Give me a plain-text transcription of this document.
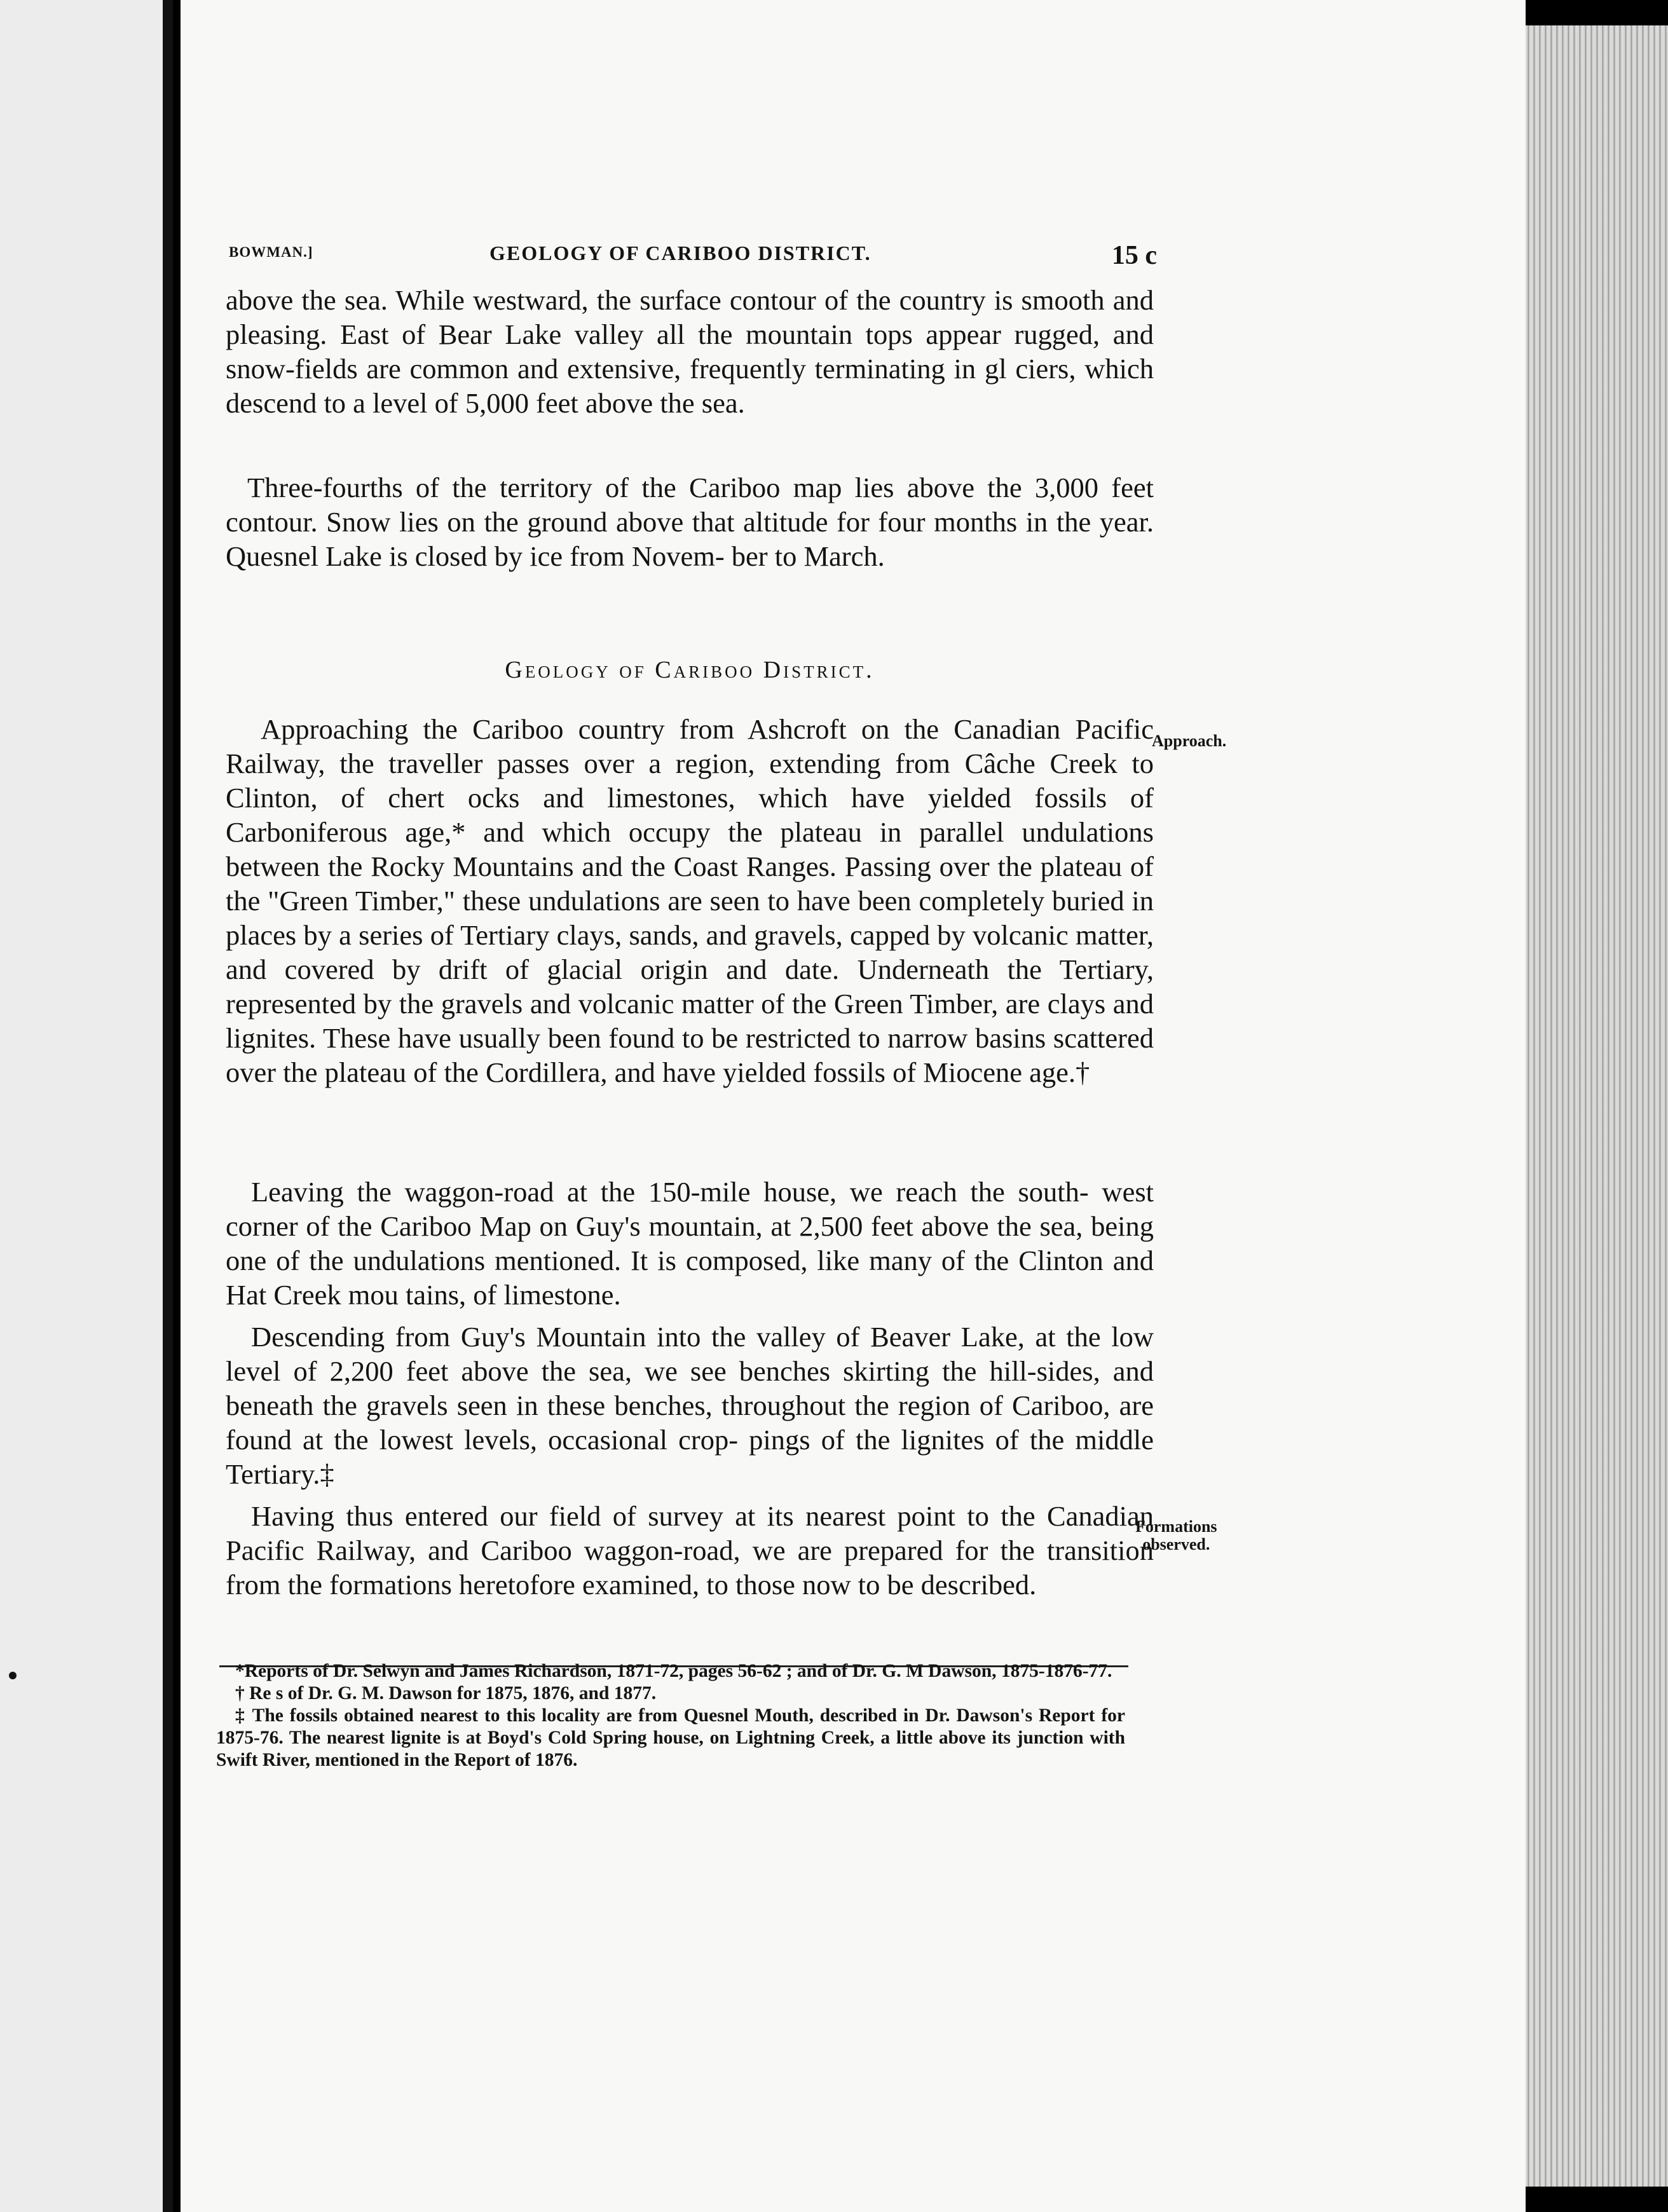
BOWMAN.]	GEOLOGY OF CARIBOO DISTRICT.	15 c
above the sea. While westward, the surface contour of the country is smooth and pleasing. East of Bear Lake valley all the mountain tops appear rugged, and snow-fields are common and extensive, frequently terminating in gl ciers, which descend to a level of 5,000 feet above the sea.
Three-fourths of the territory of the Cariboo map lies above the 3,000 feet contour. Snow lies on the ground above that altitude for four months in the year. Quesnel Lake is closed by ice from Novem- ber to March.
Geology of Cariboo District.
Approaching the Cariboo country from Ashcroft on the Canadian Pacific Railway, the traveller passes over a region, extending from Câche Creek to Clinton, of chert ocks and limestones, which have yielded fossils of Carboniferous age,* and which occupy the plateau in parallel undulations between the Rocky Mountains and the Coast Ranges. Passing over the plateau of the "Green Timber," these undulations are seen to have been completely buried in places by a series of Tertiary clays, sands, and gravels, capped by volcanic matter, and covered by drift of glacial origin and date. Underneath the Tertiary, represented by the gravels and volcanic matter of the Green Timber, are clays and lignites. These have usually been found to be restricted to narrow basins scattered over the plateau of the Cordillera, and have yielded fossils of Miocene age.†
Leaving the waggon-road at the 150-mile house, we reach the south- west corner of the Cariboo Map on Guy's mountain, at 2,500 feet above the sea, being one of the undulations mentioned. It is composed, like many of the Clinton and Hat Creek mou tains, of limestone.
Descending from Guy's Mountain into the valley of Beaver Lake, at the low level of 2,200 feet above the sea, we see benches skirting the hill-sides, and beneath the gravels seen in these benches, throughout the region of Cariboo, are found at the lowest levels, occasional crop- pings of the lignites of the middle Tertiary.‡
Having thus entered our field of survey at its nearest point to the Canadian Pacific Railway, and Cariboo waggon-road, we are prepared for the transition from the formations heretofore examined, to those now to be described.
Approach.
Formations
observed.

*Reports of Dr. Selwyn and James Richardson, 1871-72, pages 56-62 ; and of Dr. G. M Dawson, 1875-1876-77.

† Re s of Dr. G. M. Dawson for 1875, 1876, and 1877.

‡ The fossils obtained nearest to this locality are from Quesnel Mouth, described in Dr. Dawson's Report for 1875-76. The nearest lignite is at Boyd's Cold Spring house, on Lightning Creek, a little above its junction with Swift River, mentioned in the Report of 1876.
